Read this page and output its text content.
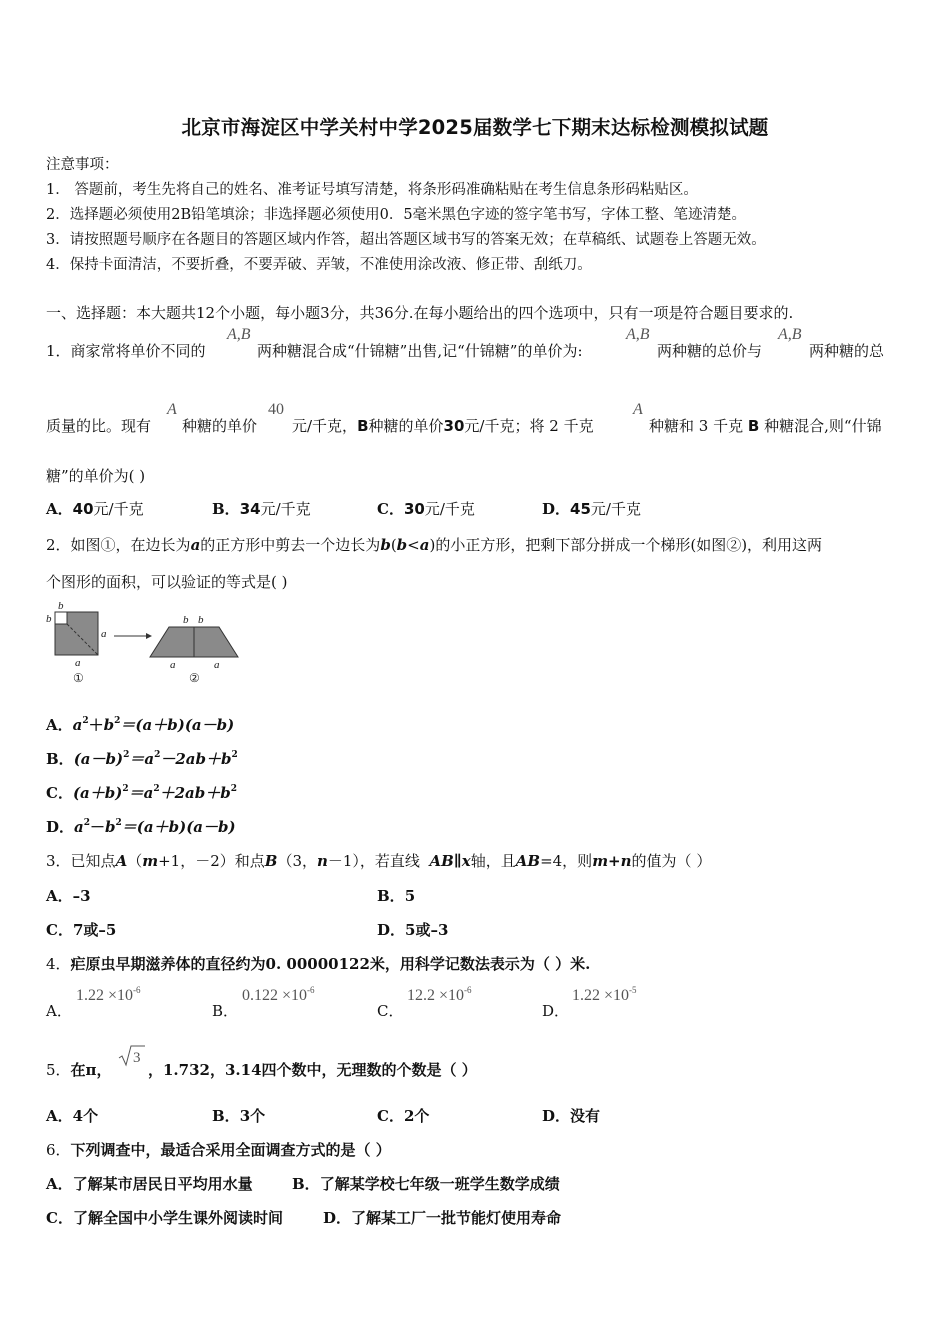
北京市海淀区中学关村中学2025届数学七下期末达标检测模拟试题
注意事项：
1． 答题前，考生先将自己的姓名、准考证号填写清楚，将条形码准确粘贴在考生信息条形码粘贴区。
2．选择题必须使用2B铅笔填涂；非选择题必须使用0．5毫米黑色字迹的签字笔书写，字体工整、笔迹清楚。
3．请按照题号顺序在各题目的答题区域内作答，超出答题区域书写的答案无效；在草稿纸、试题卷上答题无效。
4．保持卡面清洁，不要折叠，不要弄破、弄皱，不准使用涂改液、修正带、刮纸刀。
一、选择题：本大题共12个小题，每小题3分，共36分.在每小题给出的四个选项中，只有一项是符合题目要求的.
1．商家常将单价不同的
A,B
两种糖混合成“什锦糖”出售,记“什锦糖”的单价为:
A,B
两种糖的总价与
A,B
两种糖的总
质量的比。现有
A
种糖的单价
40
元/千克，B种糖的单价30元/千克；将 2 千克
A
种糖和 3 千克 B 种糖混合,则“什锦
糖”的单价为( )
A．40元/千克	B．34元/千克	C．30元/千克	D．45元/千克
2．如图①，在边长为a的正方形中剪去一个边长为b(b<a)的小正方形，把剩下部分拼成一个梯形(如图②)，利用这两
个图形的面积，可以验证的等式是( )
b
b
a
a
b b
a	a
①	②
A．$a^2+b^2=(a+b)(a-b)$
B．$(a-b)^2=a^2-2ab+b^2$
C．$(a+b)^2=a^2+2ab+b^2$
D．$a^2-b^2=(a+b)(a-b)$
3．已知点A（m+1，－2）和点B（3，n－1），若直线 AB∥x轴，且AB=4，则m+n的值为（ ）
A．–3	B．5
C．7或–5	D．5或–3
4．疟原虫早期滋养体的直径约为0. 00000122米，用科学记数法表示为（ ）米.
A．
$1.22 \times 10^{-6}$
B．
$0.122 \times 10^{-6}$
C．
$12.2 \times 10^{-6}$
D．
$1.22 \times 10^{-5}$
5．在π，
3
，1.732，3.14四个数中，无理数的个数是（ ）
A．4个	B．3个	C．2个	D．没有
6．下列调查中，最适合采用全面调查方式的是（ ）
A．了解某市居民日平均用水量	B．了解某学校七年级一班学生数学成绩
C．了解全国中小学生课外阅读时间	D．了解某工厂一批节能灯使用寿命
